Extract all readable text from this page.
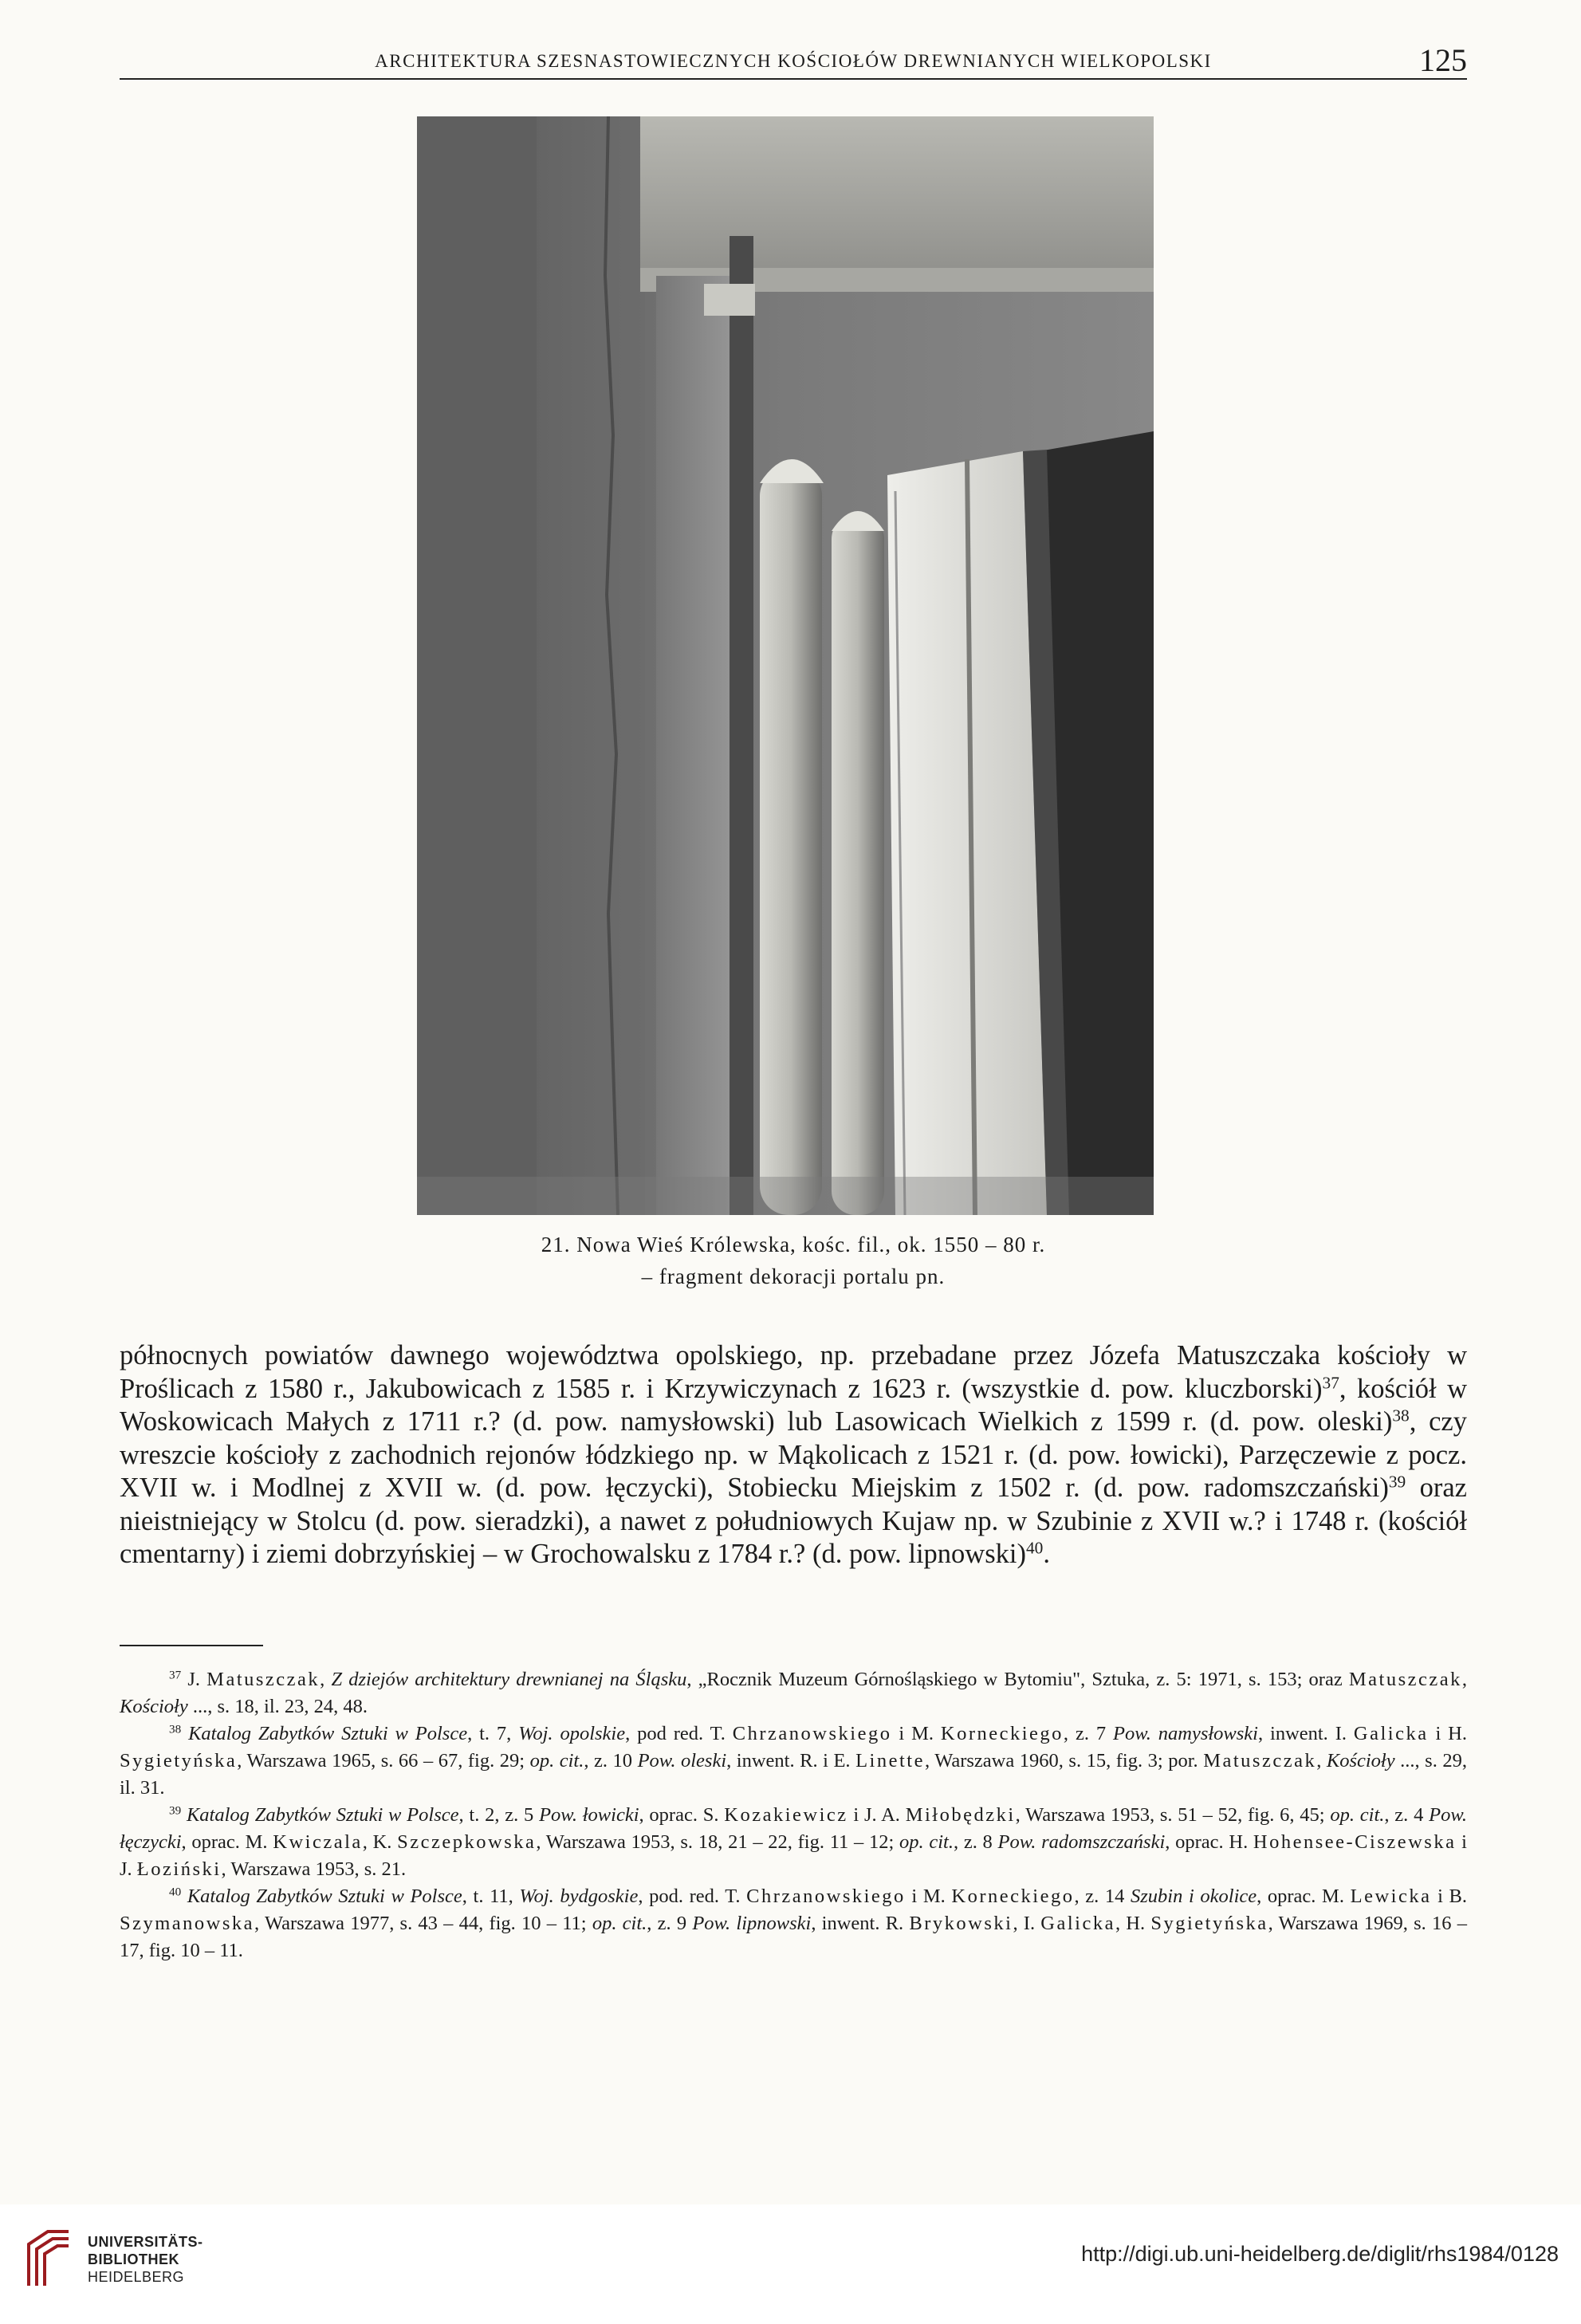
ARCHITEKTURA SZESNASTOWIECZNYCH KOŚCIOŁÓW DREWNIANYCH WIELKOPOLSKI	125
21. Nowa Wieś Królewska, kośc. fil., ok. 1550 – 80 r.
– fragment dekoracji portalu pn.

północnych powiatów dawnego województwa opolskiego, np. przebadane przez Józefa Matuszczaka kościoły w Proślicach z 1580 r., Jakubowicach z 1585 r. i Krzywiczynach z 1623 r. (wszystkie d. pow. kluczborski)$^{37}$, kościół w Woskowicach Małych z 1711 r.? (d. pow. namysłowski) lub Lasowicach Wielkich z 1599 r. (d. pow. oleski)$^{38}$, czy wreszcie kościoły z zachodnich rejonów łódzkiego np. w Mąkolicach z 1521 r. (d. pow. łowicki), Parzęczewie z pocz. XVII w. i Modlnej z XVII w. (d. pow. łęczycki), Stobiecku Miejskim z 1502 r. (d. pow. radomszczański)$^{39}$ oraz nieistniejący w Stolcu (d. pow. sieradzki), a nawet z południowych Kujaw np. w Szubinie z XVII w.? i 1748 r. (kościół cmentarny) i ziemi dobrzyńskiej – w Grochowalsku z 1784 r.? (d. pow. lipnowski)$^{40}$.

$^{37}$ J. Matuszczak, Z dziejów architektury drewnianej na Śląsku, „Rocznik Muzeum Górnośląskiego w Bytomiu", Sztuka, z. 5: 1971, s. 153; oraz Matuszczak, Kościoły ..., s. 18, il. 23, 24, 48.

$^{38}$ Katalog Zabytków Sztuki w Polsce, t. 7, Woj. opolskie, pod red. T. Chrzanowskiego i M. Korneckiego, z. 7 Pow. namysłowski, inwent. I. Galicka i H. Sygietyńska, Warszawa 1965, s. 66 – 67, fig. 29; op. cit., z. 10 Pow. oleski, inwent. R. i E. Linette, Warszawa 1960, s. 15, fig. 3; por. Matuszczak, Kościoły ..., s. 29, il. 31.

$^{39}$ Katalog Zabytków Sztuki w Polsce, t. 2, z. 5 Pow. łowicki, oprac. S. Kozakiewicz i J. A. Miłobędzki, Warszawa 1953, s. 51 – 52, fig. 6, 45; op. cit., z. 4 Pow. łęczycki, oprac. M. Kwiczala, K. Szczepkowska, Warszawa 1953, s. 18, 21 – 22, fig. 11 – 12; op. cit., z. 8 Pow. radomszczański, oprac. H. Hohensee-Ciszewska i J. Łoziński, Warszawa 1953, s. 21.

$^{40}$ Katalog Zabytków Sztuki w Polsce, t. 11, Woj. bydgoskie, pod. red. T. Chrzanowskiego i M. Korneckiego, z. 14 Szubin i okolice, oprac. M. Lewicka i B. Szymanowska, Warszawa 1977, s. 43 – 44, fig. 10 – 11; op. cit., z. 9 Pow. lipnowski, inwent. R. Brykowski, I. Galicka, H. Sygietyńska, Warszawa 1969, s. 16 – 17, fig. 10 – 11.

UNIVERSITÄTS-
BIBLIOTHEK
HEIDELBERG
http://digi.ub.uni-heidelberg.de/diglit/rhs1984/0128
